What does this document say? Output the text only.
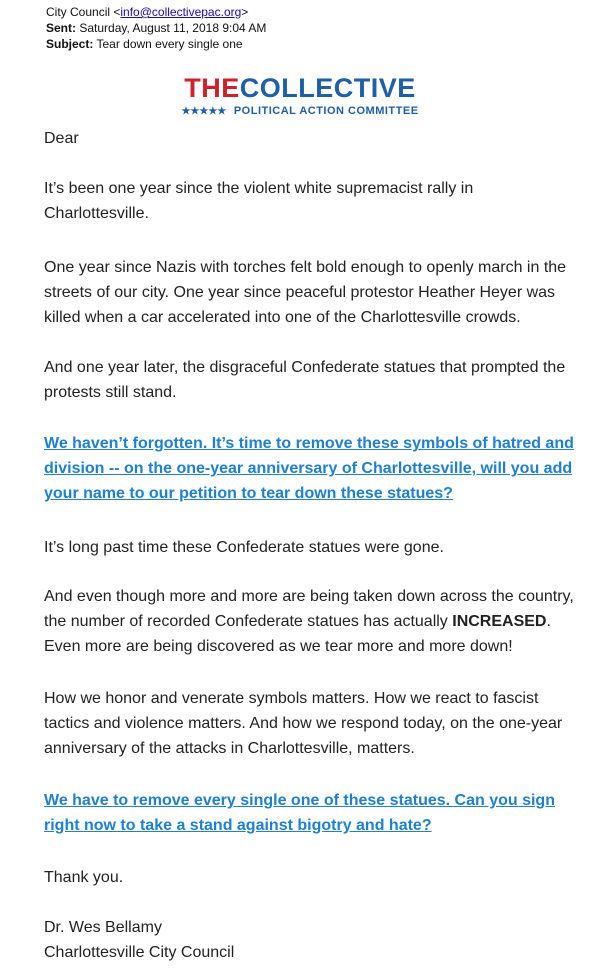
City Council <info@collectivepac.org>
Sent: Saturday, August 11, 2018 9:04 AM
Subject: Tear down every single one
THECOLLECTIVE
★★★★★ POLITICAL ACTION COMMITTEE

Dear

It’s been one year since the violent white supremacist rally in Charlottesville.

One year since Nazis with torches felt bold enough to openly march in the streets of our city. One year since peaceful protestor Heather Heyer was killed when a car accelerated into one of the Charlottesville crowds.

And one year later, the disgraceful Confederate statues that prompted the protests still stand.

We haven’t forgotten. It’s time to remove these symbols of hatred and division -- on the one-year anniversary of Charlottesville, will you add your name to our petition to tear down these statues?

It’s long past time these Confederate statues were gone.

And even though more and more are being taken down across the country, the number of recorded Confederate statues has actually INCREASED. Even more are being discovered as we tear more and more down!

How we honor and venerate symbols matters. How we react to fascist tactics and violence matters. And how we respond today, on the one-year anniversary of the attacks in Charlottesville, matters.

We have to remove every single one of these statues. Can you sign right now to take a stand against bigotry and hate?

Thank you.

Dr. Wes Bellamy

Charlottesville City Council
